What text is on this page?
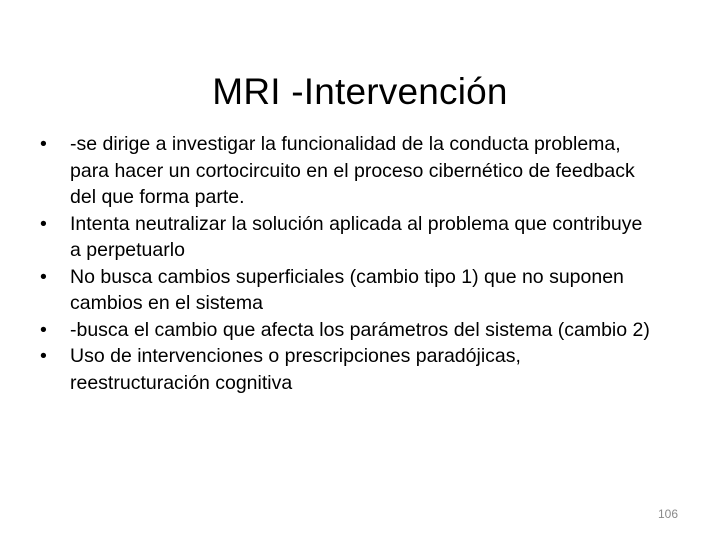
MRI -Intervención
•	-se dirige a investigar la funcionalidad de la conducta problema, para hacer un cortocircuito en el proceso cibernético de feedback del que forma parte.
•	Intenta neutralizar la solución aplicada al problema que contribuye a perpetuarlo
•	No busca cambios superficiales (cambio tipo 1) que no suponen cambios en el sistema
•	-busca el cambio que afecta los parámetros del sistema (cambio 2)
•	Uso de intervenciones o prescripciones paradójicas, reestructuración cognitiva
106
